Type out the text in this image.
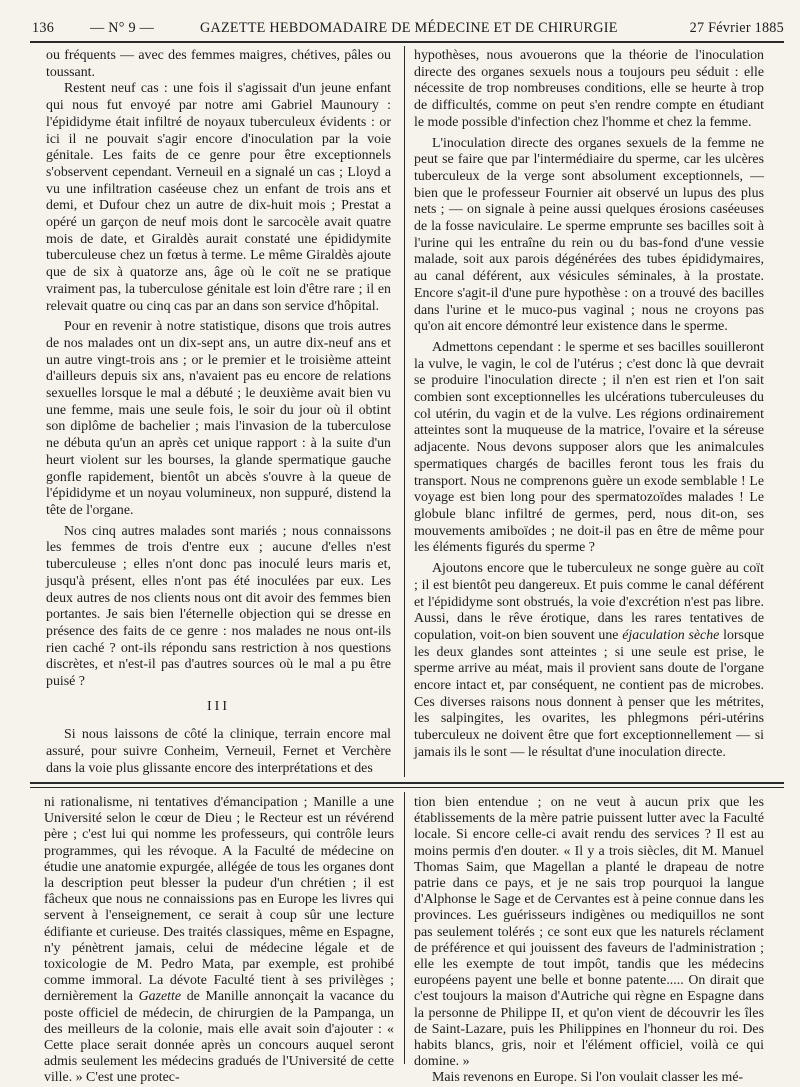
136	— N° 9 —	GAZETTE HEBDOMADAIRE DE MÉDECINE ET DE CHIRURGIE	27 Février 1885

ou fréquents — avec des femmes maigres, chétives, pâles ou toussant.

Restent neuf cas : une fois il s'agissait d'un jeune enfant qui nous fut envoyé par notre ami Gabriel Maunoury : l'épididyme était infiltré de noyaux tuberculeux évidents : or ici il ne pouvait s'agir encore d'inoculation par la voie génitale. Les faits de ce genre pour être exceptionnels s'observent cependant. Verneuil en a signalé un cas ; Lloyd a vu une infiltration caséeuse chez un enfant de trois ans et demi, et Dufour chez un autre de dix-huit mois ; Prestat a opéré un garçon de neuf mois dont le sarcocèle avait quatre mois de date, et Giraldès aurait constaté une épididymite tuberculeuse chez un fœtus à terme. Le même Giraldès ajoute que de six à quatorze ans, âge où le coït ne se pratique vraiment pas, la tuberculose génitale est loin d'être rare ; il en relevait quatre ou cinq cas par an dans son service d'hôpital.

Pour en revenir à notre statistique, disons que trois autres de nos malades ont un dix-sept ans, un autre dix-neuf ans et un autre vingt-trois ans ; or le premier et le troisième atteint d'ailleurs depuis six ans, n'avaient pas eu encore de relations sexuelles lorsque le mal a débuté ; le deuxième avait bien vu une femme, mais une seule fois, le soir du jour où il obtint son diplôme de bachelier ; mais l'invasion de la tuberculose ne débuta qu'un an après cet unique rapport : à la suite d'un heurt violent sur les bourses, la glande spermatique gauche gonfle rapidement, bientôt un abcès s'ouvre à la queue de l'épididyme et un noyau volumineux, non suppuré, distend la tête de l'organe.

Nos cinq autres malades sont mariés ; nous connaissons les femmes de trois d'entre eux ; aucune d'elles n'est tuberculeuse ; elles n'ont donc pas inoculé leurs maris et, jusqu'à présent, elles n'ont pas été inoculées par eux. Les deux autres de nos clients nous ont dit avoir des femmes bien portantes. Je sais bien l'éternelle objection qui se dresse en présence des faits de ce genre : nos malades ne nous ont-ils rien caché ? ont-ils répondu sans restriction à nos questions discrètes, et n'est-il pas d'autres sources où le mal a pu être puisé ?

III

Si nous laissons de côté la clinique, terrain encore mal assuré, pour suivre Conheim, Verneuil, Fernet et Verchère dans la voie plus glissante encore des interprétations et des

hypothèses, nous avouerons que la théorie de l'inoculation directe des organes sexuels nous a toujours peu séduit : elle nécessite de trop nombreuses conditions, elle se heurte à trop de difficultés, comme on peut s'en rendre compte en étudiant le mode possible d'infection chez l'homme et chez la femme.

L'inoculation directe des organes sexuels de la femme ne peut se faire que par l'intermédiaire du sperme, car les ulcères tuberculeux de la verge sont absolument exceptionnels, — bien que le professeur Fournier ait observé un lupus des plus nets ; — on signale à peine aussi quelques érosions caséeuses de la fosse naviculaire. Le sperme emprunte ses bacilles soit à l'urine qui les entraîne du rein ou du bas-fond d'une vessie malade, soit aux parois dégénérées des tubes épididymaires, au canal déférent, aux vésicules séminales, à la prostate. Encore s'agit-il d'une pure hypothèse : on a trouvé des bacilles dans l'urine et le muco-pus vaginal ; nous ne croyons pas qu'on ait encore démontré leur existence dans le sperme.

Admettons cependant : le sperme et ses bacilles souilleront la vulve, le vagin, le col de l'utérus ; c'est donc là que devrait se produire l'inoculation directe ; il n'en est rien et l'on sait combien sont exceptionnelles les ulcérations tuberculeuses du col utérin, du vagin et de la vulve. Les régions ordinairement atteintes sont la muqueuse de la matrice, l'ovaire et la séreuse adjacente. Nous devons supposer alors que les animalcules spermatiques chargés de bacilles feront tous les frais du transport. Nous ne comprenons guère un exode semblable ! Le voyage est bien long pour des spermatozoïdes malades ! Le globule blanc infiltré de germes, perd, nous dit-on, ses mouvements amiboïdes ; ne doit-il pas en être de même pour les éléments figurés du sperme ?

Ajoutons encore que le tuberculeux ne songe guère au coït ; il est bientôt peu dangereux. Et puis comme le canal déférent et l'épididyme sont obstrués, la voie d'excrétion n'est pas libre. Aussi, dans le rêve érotique, dans les rares tentatives de copulation, voit-on bien souvent une éjaculation sèche lorsque les deux glandes sont atteintes ; si une seule est prise, le sperme arrive au méat, mais il provient sans doute de l'organe encore intact et, par conséquent, ne contient pas de microbes. Ces diverses raisons nous donnent à penser que les métrites, les salpingites, les ovarites, les phlegmons péri-utérins tuberculeux ne doivent être que fort exceptionnellement — si jamais ils le sont — le résultat d'une inoculation directe.

ni rationalisme, ni tentatives d'émancipation ; Manille a une Université selon le cœur de Dieu ; le Recteur est un révérend père ; c'est lui qui nomme les professeurs, qui contrôle leurs programmes, qui les révoque. A la Faculté de médecine on étudie une anatomie expurgée, allégée de tous les organes dont la description peut blesser la pudeur d'un chrétien ; il est fâcheux que nous ne connaissions pas en Europe les livres qui servent à l'enseignement, ce serait à coup sûr une lecture édifiante et curieuse. Des traités classiques, même en Espagne, n'y pénètrent jamais, celui de médecine légale et de toxicologie de M. Pedro Mata, par exemple, est prohibé comme immoral. La dévote Faculté tient à ses privilèges ; dernièrement la Gazette de Manille annonçait la vacance du poste officiel de médecin, de chirurgien de la Pampanga, un des meilleurs de la colonie, mais elle avait soin d'ajouter : « Cette place serait donnée après un concours auquel seront admis seulement les médecins gradués de l'Université de cette ville. » C'est une protec-

tion bien entendue ; on ne veut à aucun prix que les établissements de la mère patrie puissent lutter avec la Faculté locale. Si encore celle-ci avait rendu des services ? Il est au moins permis d'en douter. « Il y a trois siècles, dit M. Manuel Thomas Saim, que Magellan a planté le drapeau de notre patrie dans ce pays, et je ne sais trop pourquoi la langue d'Alphonse le Sage et de Cervantes est à peine connue dans les provinces. Les guérisseurs indigènes ou mediquillos ne sont pas seulement tolérés ; ce sont eux que les naturels réclament de préférence et qui jouissent des faveurs de l'administration ; elle les exempte de tout impôt, tandis que les médecins européens payent une belle et bonne patente..... On dirait que c'est toujours la maison d'Autriche qui règne en Espagne dans la personne de Philippe II, et qu'on vient de découvrir les îles de Saint-Lazare, puis les Philippines en l'honneur du roi. Des habits blancs, gris, noir et l'élément officiel, voilà ce qui domine. »

Mais revenons en Europe. Si l'on voulait classer les mé-
